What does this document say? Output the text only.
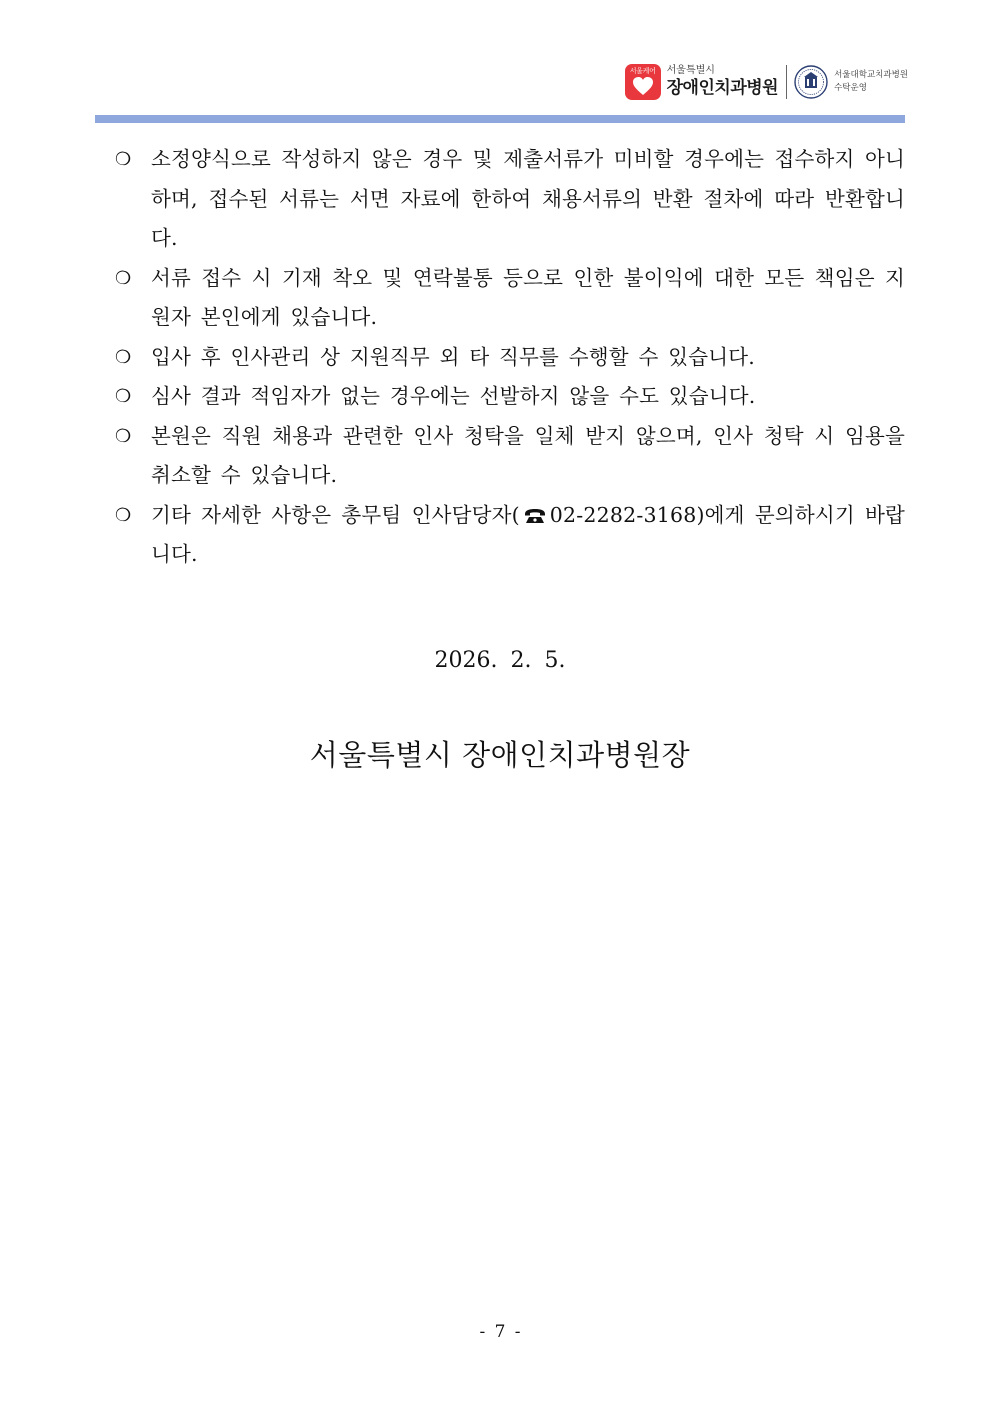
서울케어 서울특별시
장애인치과병원
서울대학교치과병원
수탁운영
❍ 소정양식으로 작성하지 않은 경우 및 제출서류가 미비할 경우에는 접수하지 아니하며, 접수된 서류는 서면 자료에 한하여 채용서류의 반환 절차에 따라 반환합니다.
❍ 서류 접수 시 기재 착오 및 연락불통 등으로 인한 불이익에 대한 모든 책임은 지원자 본인에게 있습니다.
❍ 입사 후 인사관리 상 지원직무 외 타 직무를 수행할 수 있습니다.
❍ 심사 결과 적임자가 없는 경우에는 선발하지 않을 수도 있습니다.
❍ 본원은 직원 채용과 관련한 인사 청탁을 일체 받지 않으며, 인사 청탁 시 임용을 취소할 수 있습니다.
❍ 기타 자세한 사항은 총무팀 인사담당자( 02-2282-3168)에게 문의하시기 바랍니다.
2026. 2. 5.
서울특별시 장애인치과병원장
- 7 -
